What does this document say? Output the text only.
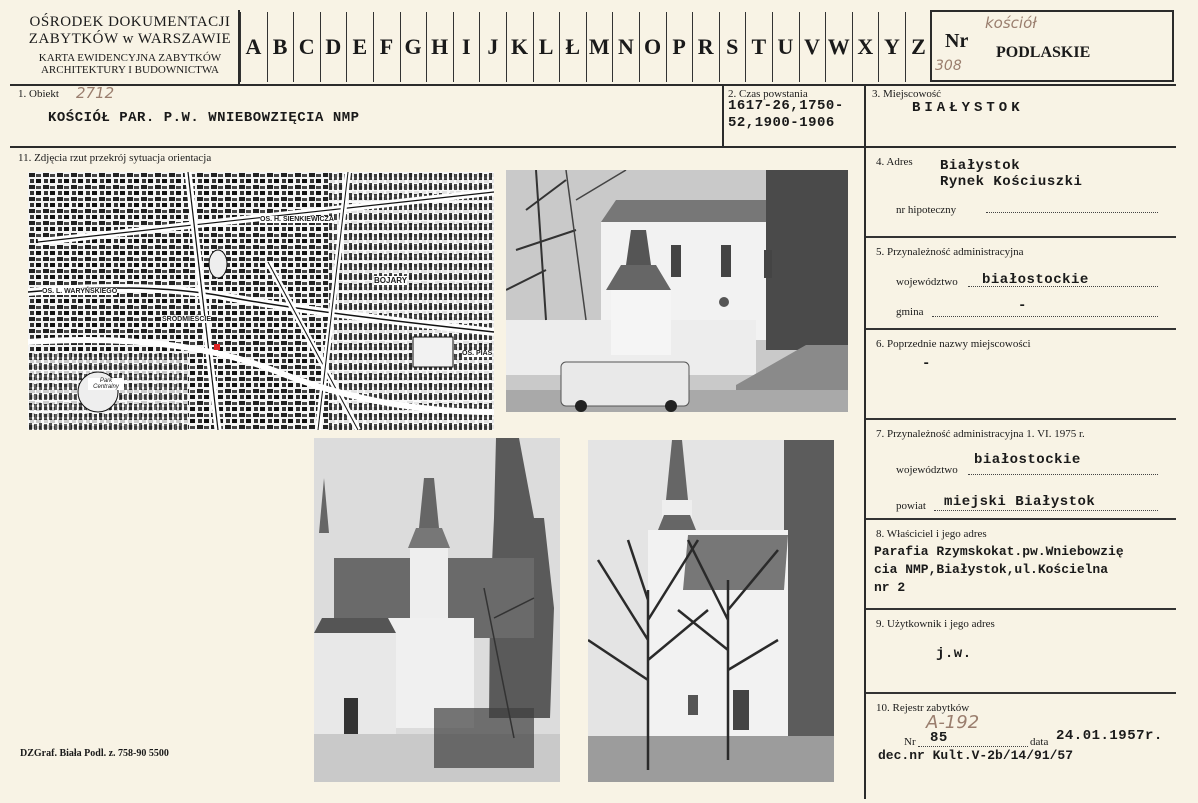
OŚRODEK DOKUMENTACJI
ZABYTKÓW w WARSZAWIE
KARTA EWIDENCYJNA ZABYTKÓW
ARCHITEKTURY I BUDOWNICTWA
A B C D E F G H I J K L Ł M N O P R S T U V W X Y Z Nr
kościół
PODLASKIE
308
1. Obiekt 2712
KOŚCIÓŁ PAR. P.W. WNIEBOWZIĘCIA NMP
2. Czas powstania
1617-26,1750-
52,1900-1906
3. Miejscowość
BIAŁYSTOK
11. Zdjęcia rzut przekrój sytuacja orientacja
OS. L. WARYŃSKIEGO
BOJARY
OS. H. SIENKIEWICZA
ŚRÓDMIEŚCIE
Park Centralny
OS. PIAS
4. Adres Białystok
Rynek Kościuszki
nr hipoteczny
5. Przynależność administracyjna
województwo białostockie
gmina	-
6. Poprzednie nazwy miejscowości
-
7. Przynależność administracyjna 1. VI. 1975 r.
województwo
białostockie
powiat miejski Białystok
8. Właściciel i jego adres
Parafia Rzymskokat.pw.Wniebowzię
cia NMP,Białystok,ul.Kościelna
nr 2
9. Użytkownik i jego adres
j.w.
10. Rejestr zabytków
A-192
Nr 85	data 24.01.1957r.
dec.nr Kult.V-2b/14/91/57
DZGraf. Biała Podl. z. 758-90 5500
